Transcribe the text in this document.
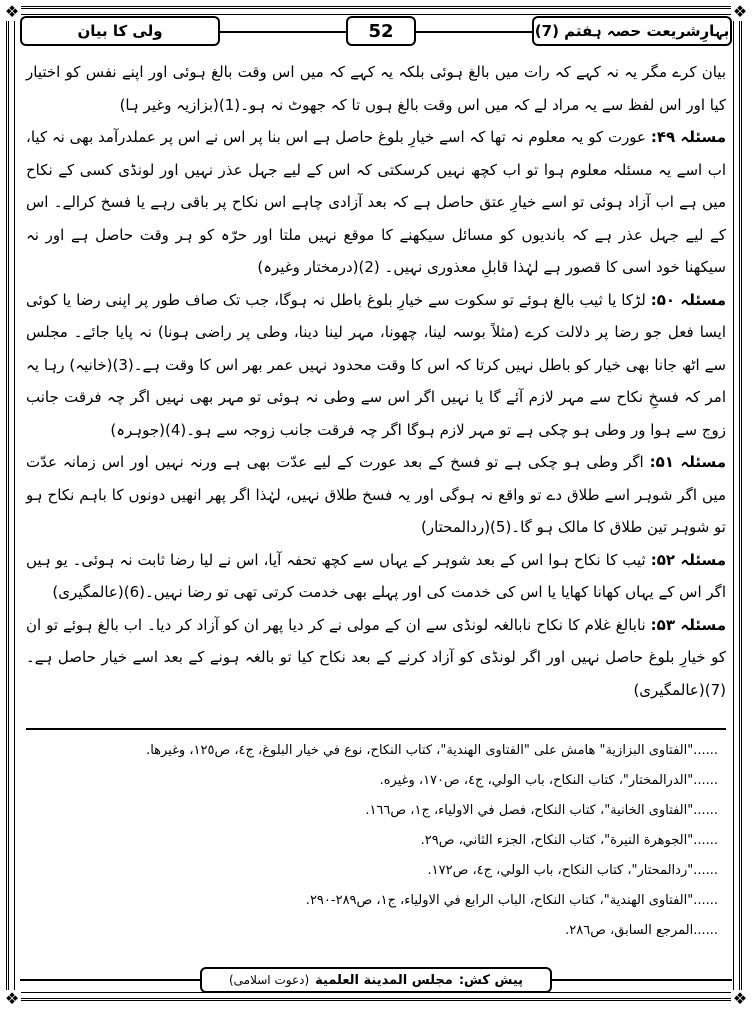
❖	❖
❖	❖
بہارِشریعت حصہ ہفتم (7)
52
ولی کا بیان

بیان کرے مگر یہ نہ کہے کہ رات میں بالغ ہوئی بلکہ یہ کہے کہ میں اس وقت بالغ ہوئی اور اپنے نفس کو اختیار کیا اور اس لفظ سے یہ مراد لے کہ میں اس وقت بالغ ہوں تا کہ جھوٹ نہ ہو۔(1)(بزازیہ وغیر ہا)

مسئلہ ۴۹: عورت کو یہ معلوم نہ تھا کہ اسے خیارِ بلوغ حاصل ہے اس بنا پر اس نے اس پر عملدرآمد بھی نہ کیا، اب اسے یہ مسئلہ معلوم ہوا تو اب کچھ نہیں کرسکتی کہ اس کے لیے جہل عذر نہیں اور لونڈی کسی کے نکاح میں ہے اب آزاد ہوئی تو اسے خیارِ عتق حاصل ہے کہ بعد آزادی چاہے اس نکاح پر باقی رہے یا فسخ کرالے۔ اس کے لیے جہل عذر ہے کہ باندیوں کو مسائل سیکھنے کا موقع نہیں ملتا اور حرّہ کو ہر وقت حاصل ہے اور نہ سیکھنا خود اسی کا قصور ہے لہٰذا قابلِ معذوری نہیں۔ (2)(درمختار وغیرہ)

مسئلہ ۵۰: لڑکا یا ثیب بالغ ہوئے تو سکوت سے خیارِ بلوغ باطل نہ ہوگا، جب تک صاف طور پر اپنی رضا یا کوئی ایسا فعل جو رضا پر دلالت کرے (مثلاً بوسہ لینا، چھونا، مہر لینا دینا، وطی پر راضی ہونا) نہ پایا جائے۔ مجلس سے اٹھ جانا بھی خیار کو باطل نہیں کرتا کہ اس کا وقت محدود نہیں عمر بھر اس کا وقت ہے۔(3)(خانیہ) رہا یہ امر کہ فسخِ نکاح سے مہر لازم آئے گا یا نہیں اگر اس سے وطی نہ ہوئی تو مہر بھی نہیں اگر چہ فرقت جانب زوج سے ہوا ور وطی ہو چکی ہے تو مہر لازم ہوگا اگر چہ فرقت جانب زوجہ سے ہو۔(4)(جوہرہ)

مسئلہ ۵۱: اگر وطی ہو چکی ہے تو فسخ کے بعد عورت کے لیے عدّت بھی ہے ورنہ نہیں اور اس زمانہ عدّت میں اگر شوہر اسے طلاق دے تو واقع نہ ہوگی اور یہ فسخ طلاق نہیں، لہٰذا اگر پھر انھیں دونوں کا باہم نکاح ہو تو شوہر تین طلاق کا مالک ہو گا۔(5)(ردالمحتار)

مسئلہ ۵۲: ثیب کا نکاح ہوا اس کے بعد شوہر کے یہاں سے کچھ تحفہ آیا، اس نے لیا رضا ثابت نہ ہوئی۔ یو ہیں اگر اس کے یہاں کھانا کھایا یا اس کی خدمت کی اور پہلے بھی خدمت کرتی تھی تو رضا نہیں۔(6)(عالمگیری)

مسئلہ ۵۳: نابالغ غلام کا نکاح نابالغہ لونڈی سے ان کے مولی نے کر دیا پھر ان کو آزاد کر دیا۔ اب بالغ ہوئے تو ان کو خیارِ بلوغ حاصل نہیں اور اگر لونڈی کو آزاد کرنے کے بعد نکاح کیا تو بالغہ ہونے کے بعد اسے خیار حاصل ہے۔(7)(عالمگیری)

......"الفتاوی البزازیة" هامش علی "الفتاوی الهندیة"، کتاب النکاح، نوع في خیار البلوغ، ج٤، ص١٢٥، وغیرها.
......"الدرالمختار"، کتاب النکاح، باب الولي، ج٤، ص١٧٠، وغیره.
......"الفتاوی الخانیة"، کتاب النکاح، فصل في الاولیاء، ج١، ص١٦٦.
......"الجوهرة النیرة"، کتاب النکاح، الجزء الثاني، ص٢٩.
......"ردالمحتار"، کتاب النکاح، باب الولي، ج٤، ص١٧٢.
......"الفتاوی الهندیة"، کتاب النکاح، الباب الرابع في الاولیاء، ج١، ص٢٨٩-٢٩٠.
......المرجع السابق، ص٢٨٦.
پیش کش:
مجلس المدينة العلمية
(دعوت اسلامی)
